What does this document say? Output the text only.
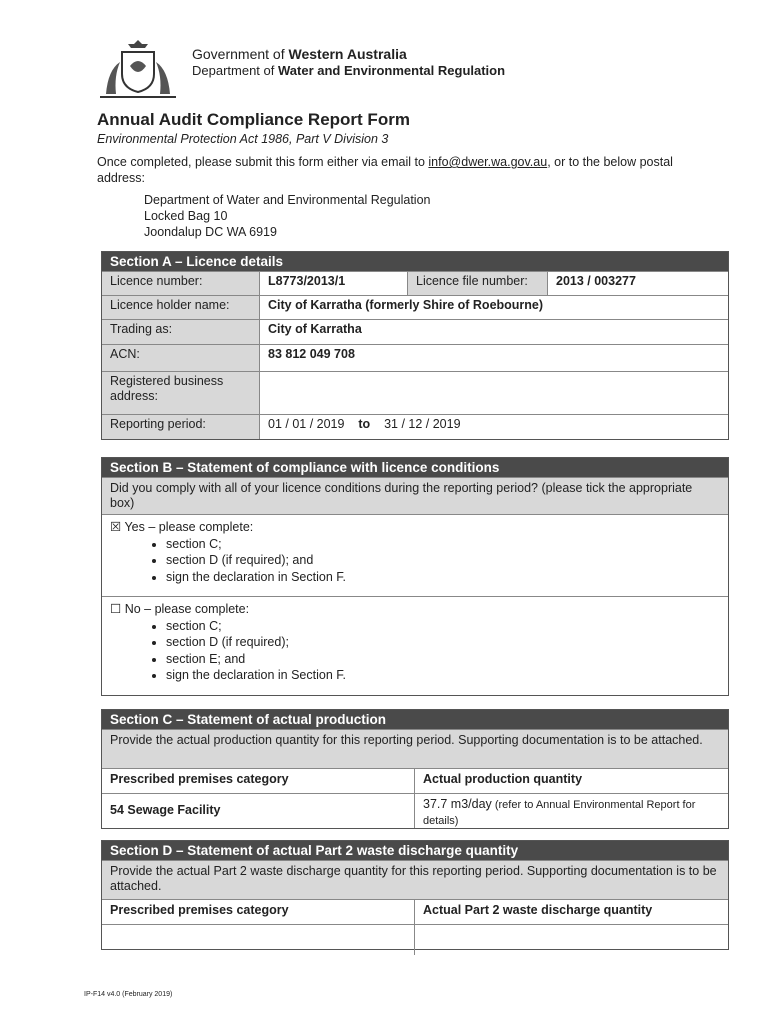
Government of Western Australia
Department of Water and Environmental Regulation
Annual Audit Compliance Report Form
Environmental Protection Act 1986, Part V Division 3
Once completed, please submit this form either via email to info@dwer.wa.gov.au, or to the below postal address:
Department of Water and Environmental Regulation
Locked Bag 10
Joondalup DC WA 6919
Section A – Licence details
Licence number:	L8773/2013/1	Licence file number:	2013 / 003277
Licence holder name:	City of Karratha (formerly Shire of Roebourne)
Trading as:	City of Karratha
ACN:	83 812 049 708
Registered business address:
Reporting period:	01 / 01 / 2019 to 31 / 12 / 2019
Section B – Statement of compliance with licence conditions
Did you comply with all of your licence conditions during the reporting period? (please tick the appropriate box)
☒ Yes – please complete:
• section C;
• section D (if required); and
• sign the declaration in Section F.
☐ No – please complete:
• section C;
• section D (if required);
• section E; and
• sign the declaration in Section F.
Section C – Statement of actual production
Provide the actual production quantity for this reporting period. Supporting documentation is to be attached.
Prescribed premises category	Actual production quantity
54 Sewage Facility	37.7 m3/day (refer to Annual Environmental Report for details)
Section D – Statement of actual Part 2 waste discharge quantity
Provide the actual Part 2 waste discharge quantity for this reporting period. Supporting documentation is to be attached.
Prescribed premises category	Actual Part 2 waste discharge quantity
IP-F14 v4.0 (February 2019)
